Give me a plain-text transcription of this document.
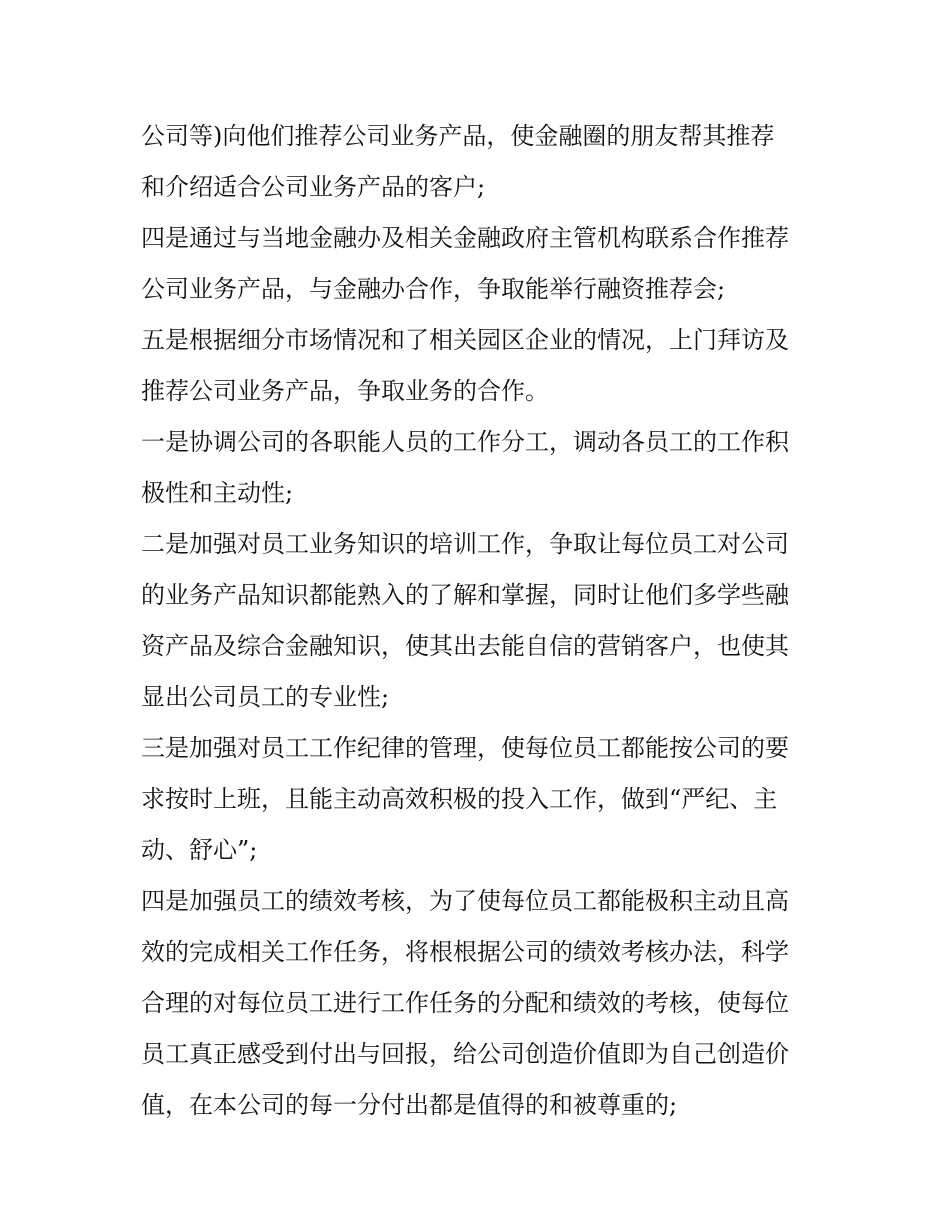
公司等)向他们推荐公司业务产品，使金融圈的朋友帮其推荐
和介绍适合公司业务产品的客户;
四是通过与当地金融办及相关金融政府主管机构联系合作推荐
公司业务产品，与金融办合作，争取能举行融资推荐会;
五是根据细分市场情况和了相关园区企业的情况，上门拜访及
推荐公司业务产品，争取业务的合作。
一是协调公司的各职能人员的工作分工，调动各员工的工作积
极性和主动性;
二是加强对员工业务知识的培训工作，争取让每位员工对公司
的业务产品知识都能熟入的了解和掌握，同时让他们多学些融
资产品及综合金融知识，使其出去能自信的营销客户，也使其
显出公司员工的专业性;
三是加强对员工工作纪律的管理，使每位员工都能按公司的要
求按时上班，且能主动高效积极的投入工作，做到“严纪、主
动、舒心”;
四是加强员工的绩效考核，为了使每位员工都能极积主动且高
效的完成相关工作任务，将根根据公司的绩效考核办法，科学
合理的对每位员工进行工作任务的分配和绩效的考核，使每位
员工真正感受到付出与回报，给公司创造价值即为自己创造价
值，在本公司的每一分付出都是值得的和被尊重的;
